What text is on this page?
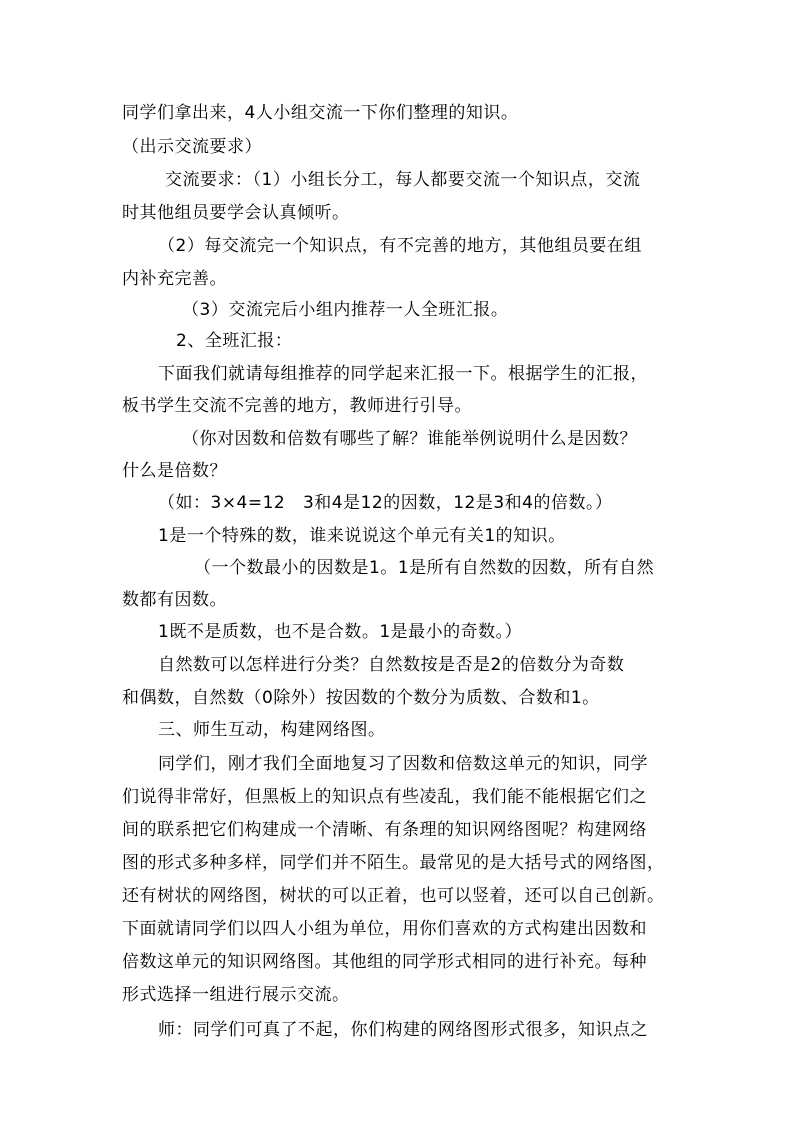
同学们拿出来，4人小组交流一下你们整理的知识。
（出示交流要求）
交流要求：（1）小组长分工，每人都要交流一个知识点，交流
时其他组员要学会认真倾听。
（2）每交流完一个知识点，有不完善的地方，其他组员要在组
内补充完善。
（3）交流完后小组内推荐一人全班汇报。
2、全班汇报：
下面我们就请每组推荐的同学起来汇报一下。根据学生的汇报，
板书学生交流不完善的地方，教师进行引导。
（你对因数和倍数有哪些了解？谁能举例说明什么是因数？
什么是倍数？
（如：3×4=12   3和4是12的因数，12是3和4的倍数。）
1是一个特殊的数，谁来说说这个单元有关1的知识。
（一个数最小的因数是1。1是所有自然数的因数，所有自然
数都有因数。
1既不是质数，也不是合数。1是最小的奇数。）
自然数可以怎样进行分类？自然数按是否是2的倍数分为奇数
和偶数，自然数（0除外）按因数的个数分为质数、合数和1。
三、师生互动，构建网络图。
同学们，刚才我们全面地复习了因数和倍数这单元的知识，同学
们说得非常好，但黑板上的知识点有些凌乱，我们能不能根据它们之
间的联系把它们构建成一个清晰、有条理的知识网络图呢？构建网络
图的形式多种多样，同学们并不陌生。最常见的是大括号式的网络图，
还有树状的网络图，树状的可以正着，也可以竖着，还可以自己创新。
下面就请同学们以四人小组为单位，用你们喜欢的方式构建出因数和
倍数这单元的知识网络图。其他组的同学形式相同的进行补充。每种
形式选择一组进行展示交流。
师：同学们可真了不起，你们构建的网络图形式很多，知识点之
